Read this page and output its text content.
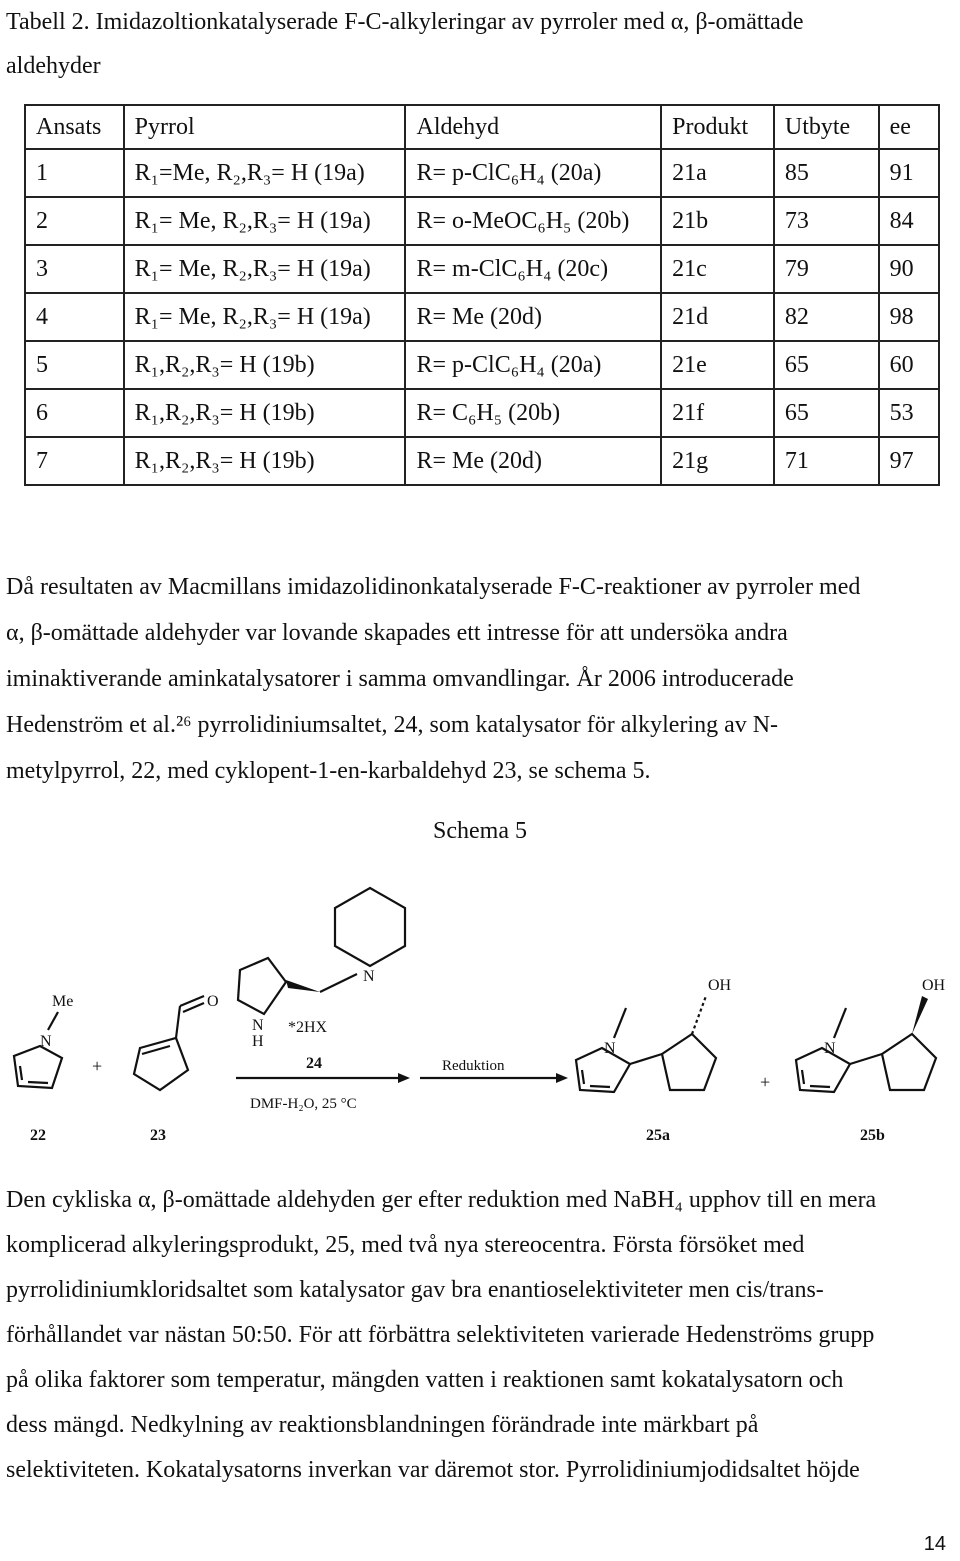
Tabell 2. Imidazoltionkatalyserade F-C-alkyleringar av pyrroler med α, β-omättade
aldehyder
Ansats	Pyrrol	Aldehyd	Produkt	Utbyte	ee
1	R₁=Me, R₂,R₃= H (19a)	R= p-ClC₆H₄ (20a)	21a	85	91
2	R₁= Me, R₂,R₃= H (19a)	R= o-MeOC₆H₅ (20b)	21b	73	84
3	R₁= Me, R₂,R₃= H (19a)	R= m-ClC₆H₄ (20c)	21c	79	90
4	R₁= Me, R₂,R₃= H (19a)	R= Me (20d)	21d	82	98
5	R₁,R₂,R₃= H (19b)	R= p-ClC₆H₄ (20a)	21e	65	60
6	R₁,R₂,R₃= H (19b)	R= C₆H₅ (20b)	21f	65	53
7	R₁,R₂,R₃= H (19b)	R= Me (20d)	21g	71	97
Då resultaten av Macmillans imidazolidinonkatalyserade F-C-reaktioner av pyrroler med
α, β-omättade aldehyder var lovande skapades ett intresse för att undersöka andra
iminaktiverande aminkatalysatorer i samma omvandlingar. År 2006 introducerade
Hedenström et al.²⁶ pyrrolidiniumsaltet, 24, som katalysator för alkylering av N-
metylpyrrol, 22, med cyklopent-1-en-karbaldehyd 23, se schema 5.
Schema 5
N
N
H
*2HX
Me
N
+
O
24
DMF-H₂O, 25 °C
Reduktion
N
OH
+
N
OH
22	23	25a	25b
Den cykliska α, β-omättade aldehyden ger efter reduktion med NaBH₄ upphov till en mera
komplicerad alkyleringsprodukt, 25, med två nya stereocentra. Första försöket med
pyrrolidiniumkloridsaltet som katalysator gav bra enantioselektiviteter men cis/trans-
förhållandet var nästan 50:50. För att förbättra selektiviteten varierade Hedenströms grupp
på olika faktorer som temperatur, mängden vatten i reaktionen samt kokatalysatorn och
dess mängd. Nedkylning av reaktionsblandningen förändrade inte märkbart på
selektiviteten. Kokatalysatorns inverkan var däremot stor. Pyrrolidiniumjodidsaltet höjde
14
